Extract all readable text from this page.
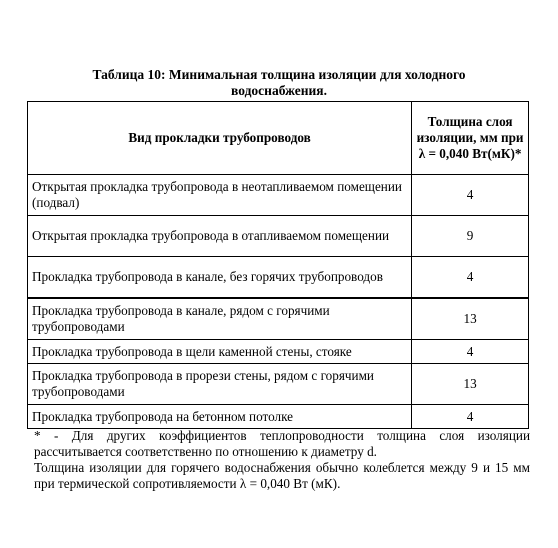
Таблица 10: Минимальная толщина изоляции для холодного
водоснабжения.
Вид прокладки трубопроводов	Толщина слоя изоляции, мм при λ = 0,040 Вт(мК)*
Открытая прокладка трубопровода в неотапливаемом помещении (подвал)	4
Открытая прокладка трубопровода в отапливаемом помещении	9
Прокладка трубопровода в канале, без горячих трубопроводов	4
Прокладка трубопровода в канале, рядом с горячими трубопроводами	13
Прокладка трубопровода в щели каменной стены, стояке	4
Прокладка трубопровода в прорези стены, рядом с горячими трубопроводами	13
Прокладка трубопровода на бетонном потолке	4

* - Для других коэффициентов теплопроводности толщина слоя изоляции рассчитывается соответственно по отношению к диаметру d.

Толщина изоляции для горячего водоснабжения обычно колеблется между 9 и 15 мм при термической сопротивляемости λ = 0,040 Вт (мК).
